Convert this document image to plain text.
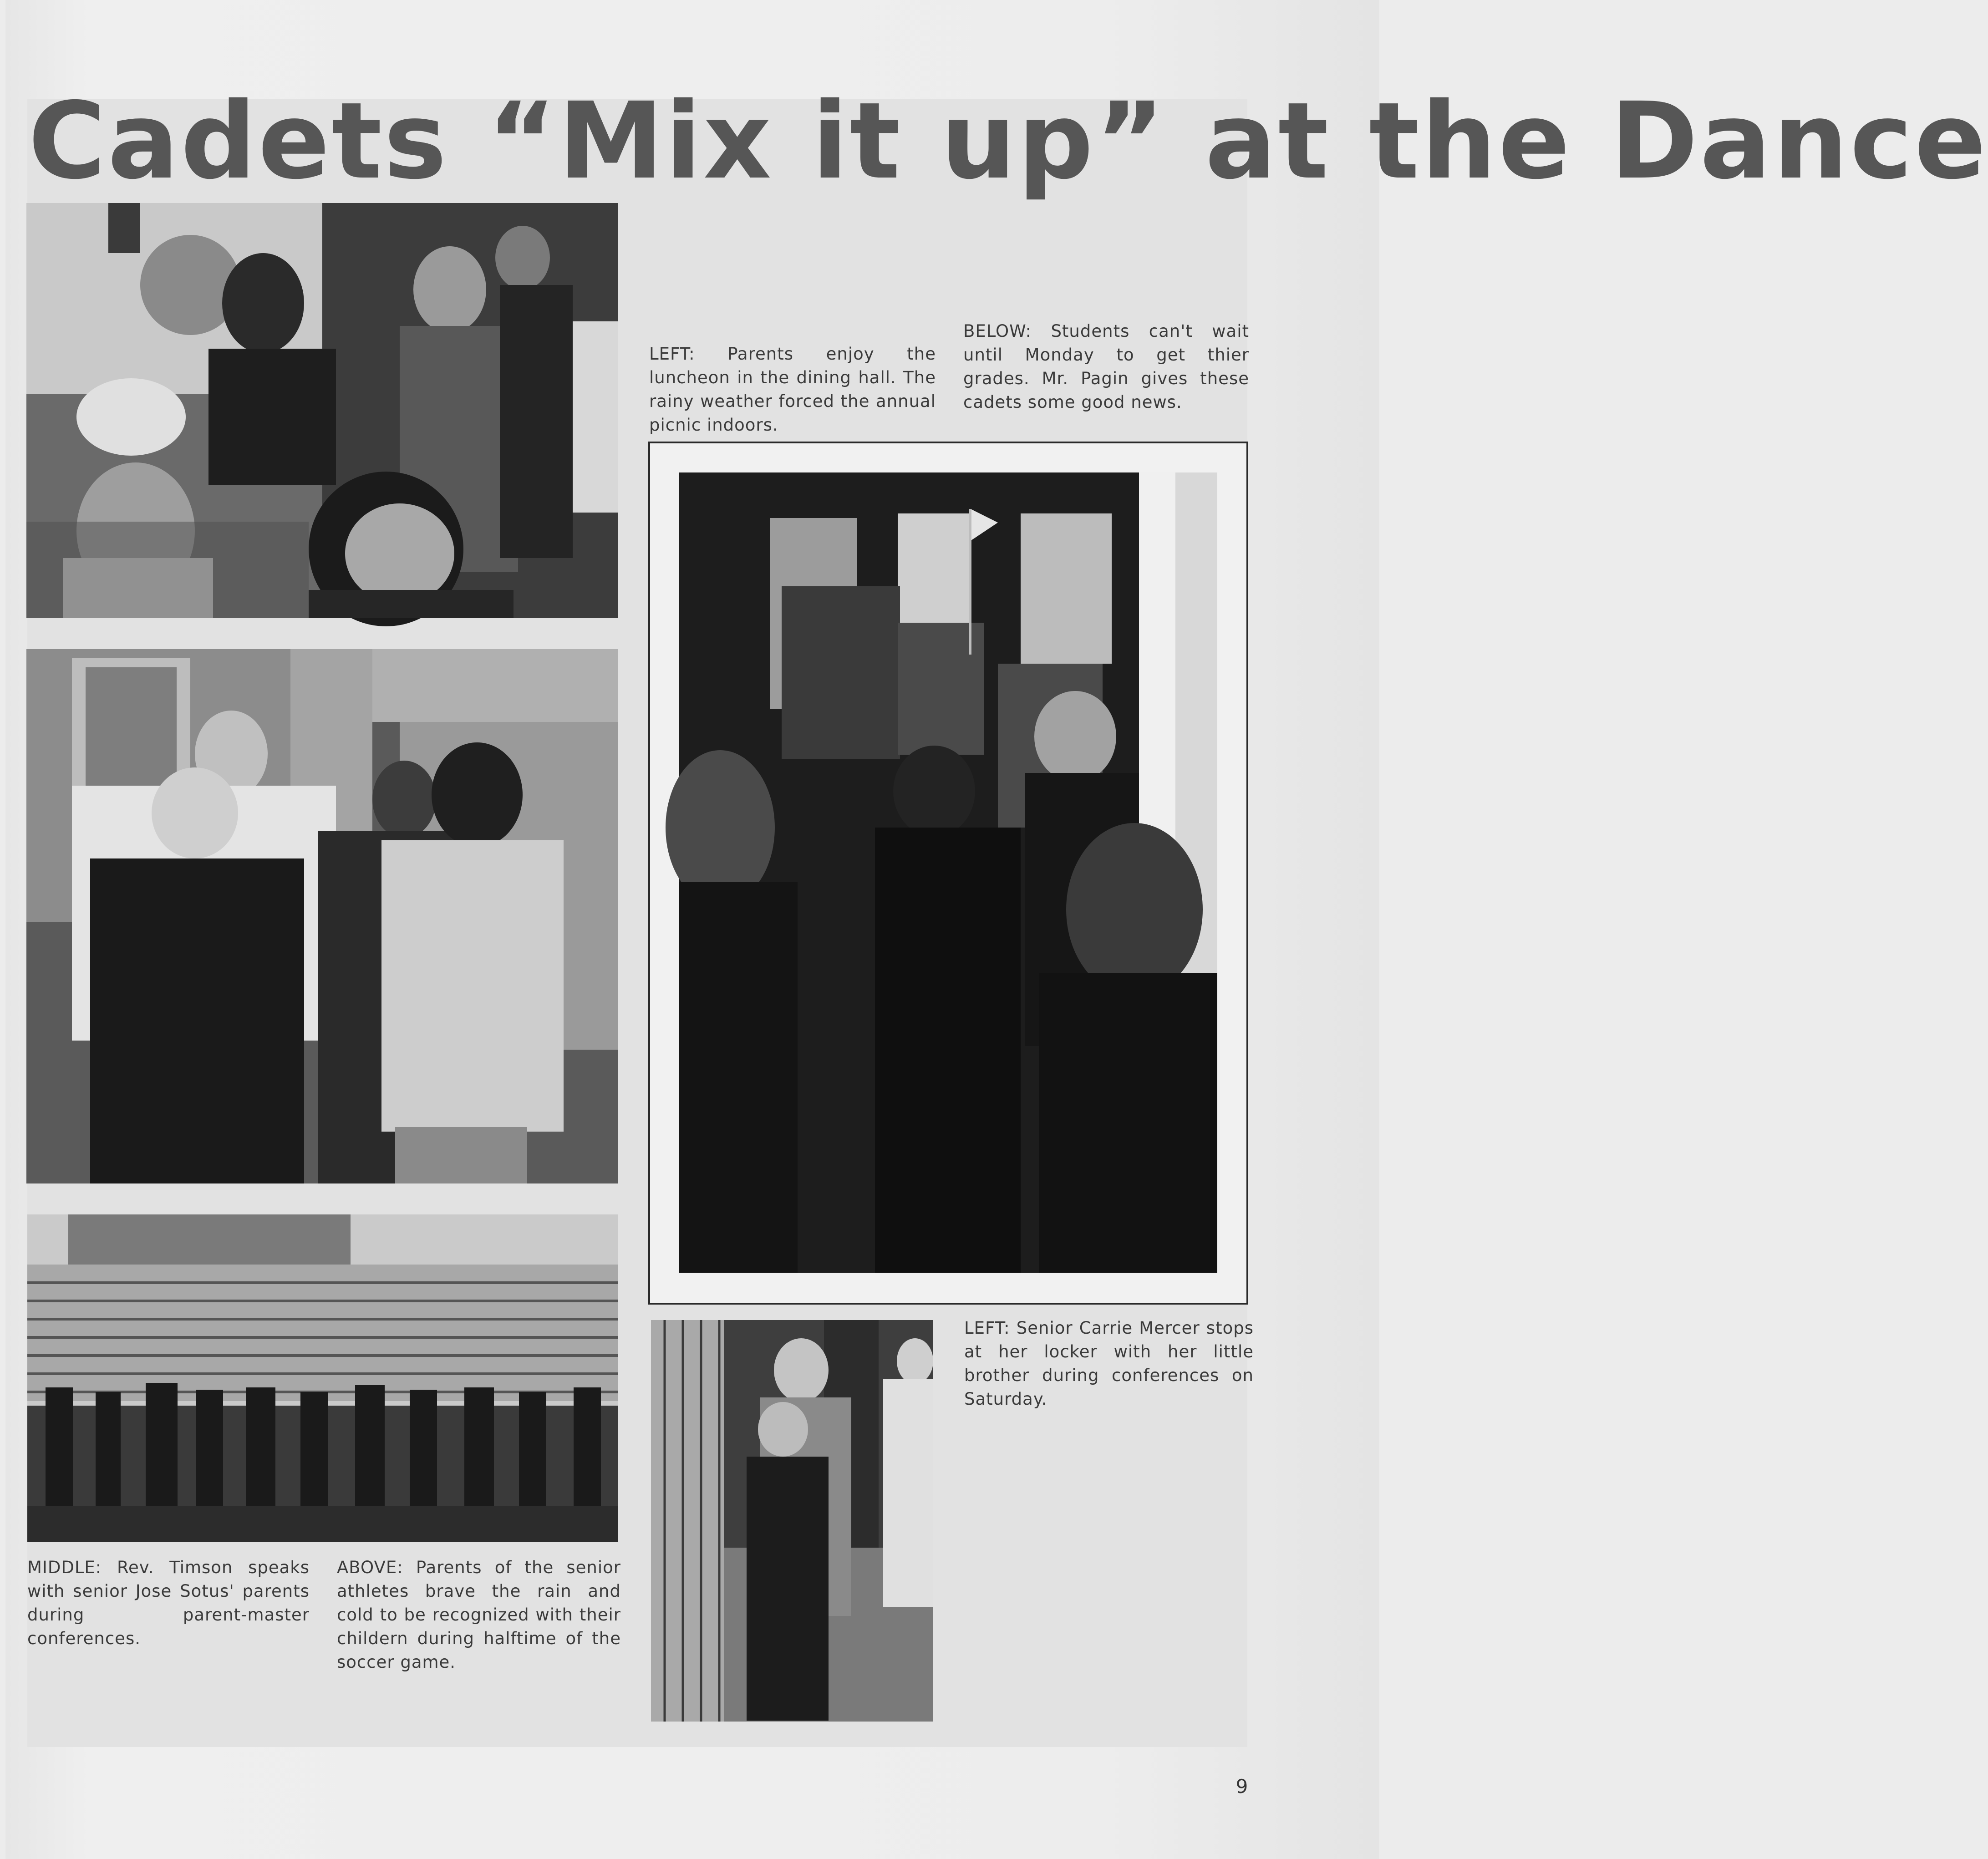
Cadets “Mix it up” at the Dance
LEFT: Parents enjoy the luncheon in the dining hall. The rainy weather forced the annual picnic indoors.
BELOW: Students can't wait until Monday to get thier grades. Mr. Pagin gives these cadets some good news.
MIDDLE: Rev. Timson speaks with senior Jose Sotus' parents during parent-master conferences.
ABOVE: Parents of the senior athletes brave the rain and cold to be recognized with their childern during halftime of the soccer game.
LEFT: Senior Carrie Mercer stops at her locker with her little brother during conferences on Saturday.
9
